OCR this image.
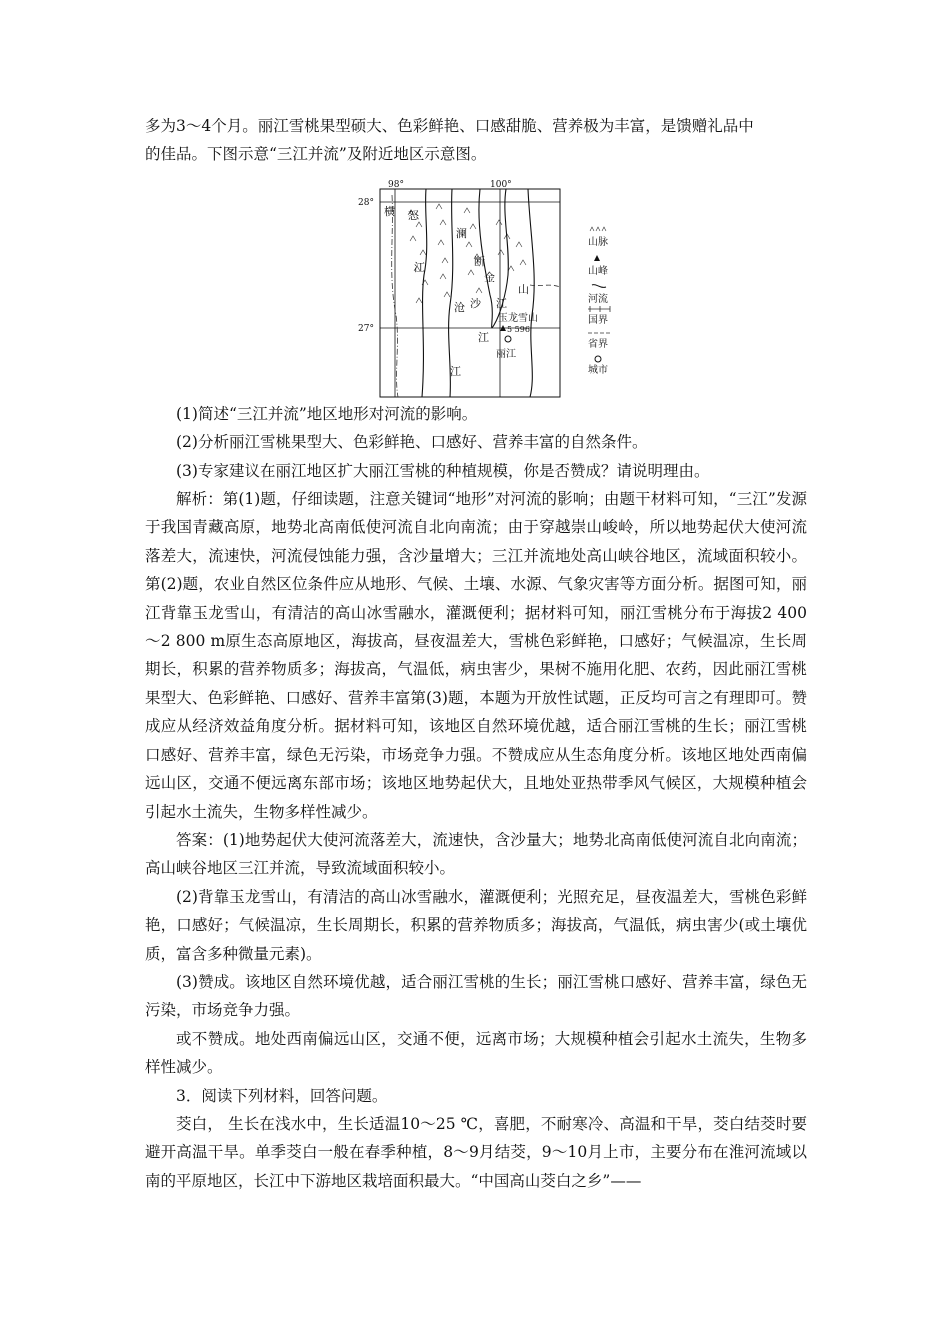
多为3～4个月。丽江雪桃果型硕大、色彩鲜艳、口感甜脆、营养极为丰富，是馈赠礼品中

的佳品。下图示意“三江并流”及附近地区示意图。

98°	100°
28°
27°
横 怒
江
澜
断
金
江
山
沧 沙
玉龙雪山
5 596
江
丽江
江
山脉
山峰
河流
国界
省界
城市

(1)简述“三江并流”地区地形对河流的影响。

(2)分析丽江雪桃果型大、色彩鲜艳、口感好、营养丰富的自然条件。

(3)专家建议在丽江地区扩大丽江雪桃的种植规模，你是否赞成？请说明理由。

解析：第(1)题，仔细读题，注意关键词“地形”对河流的影响；由题干材料可知，“三江”发源于我国青藏高原，地势北高南低使河流自北向南流；由于穿越崇山峻岭，所以地势起伏大使河流落差大，流速快，河流侵蚀能力强，含沙量增大；三江并流地处高山峡谷地区，流域面积较小。第(2)题，农业自然区位条件应从地形、气候、土壤、水源、气象灾害等方面分析。据图可知，丽江背靠玉龙雪山，有清洁的高山冰雪融水，灌溉便利；据材料可知，丽江雪桃分布于海拔2 400～2 800 m原生态高原地区，海拔高，昼夜温差大，雪桃色彩鲜艳，口感好；气候温凉，生长周期长，积累的营养物质多；海拔高，气温低，病虫害少，果树不施用化肥、农药，因此丽江雪桃果型大、色彩鲜艳、口感好、营养丰富第(3)题，本题为开放性试题，正反均可言之有理即可。赞成应从经济效益角度分析。据材料可知，该地区自然环境优越，适合丽江雪桃的生长；丽江雪桃口感好、营养丰富，绿色无污染，市场竞争力强。不赞成应从生态角度分析。该地区地处西南偏远山区，交通不便远离东部市场；该地区地势起伏大，且地处亚热带季风气候区，大规模种植会引起水土流失，生物多样性减少。

答案：(1)地势起伏大使河流落差大，流速快，含沙量大；地势北高南低使河流自北向南流；高山峡谷地区三江并流，导致流域面积较小。

(2)背靠玉龙雪山，有清洁的高山冰雪融水，灌溉便利；光照充足，昼夜温差大，雪桃色彩鲜艳，口感好；气候温凉，生长周期长，积累的营养物质多；海拔高，气温低，病虫害少(或土壤优质，富含多种微量元素)。

(3)赞成。该地区自然环境优越，适合丽江雪桃的生长；丽江雪桃口感好、营养丰富，绿色无污染，市场竞争力强。

或不赞成。地处西南偏远山区，交通不便，远离市场；大规模种植会引起水土流失，生物多样性减少。

3．阅读下列材料，回答问题。

茭白， 生长在浅水中，生长适温10～25 ℃，喜肥，不耐寒冷、高温和干旱，茭白结茭时要避开高温干旱。单季茭白一般在春季种植，8～9月结茭，9～10月上市，主要分布在淮河流域以南的平原地区，长江中下游地区栽培面积最大。“中国高山茭白之乡”——
